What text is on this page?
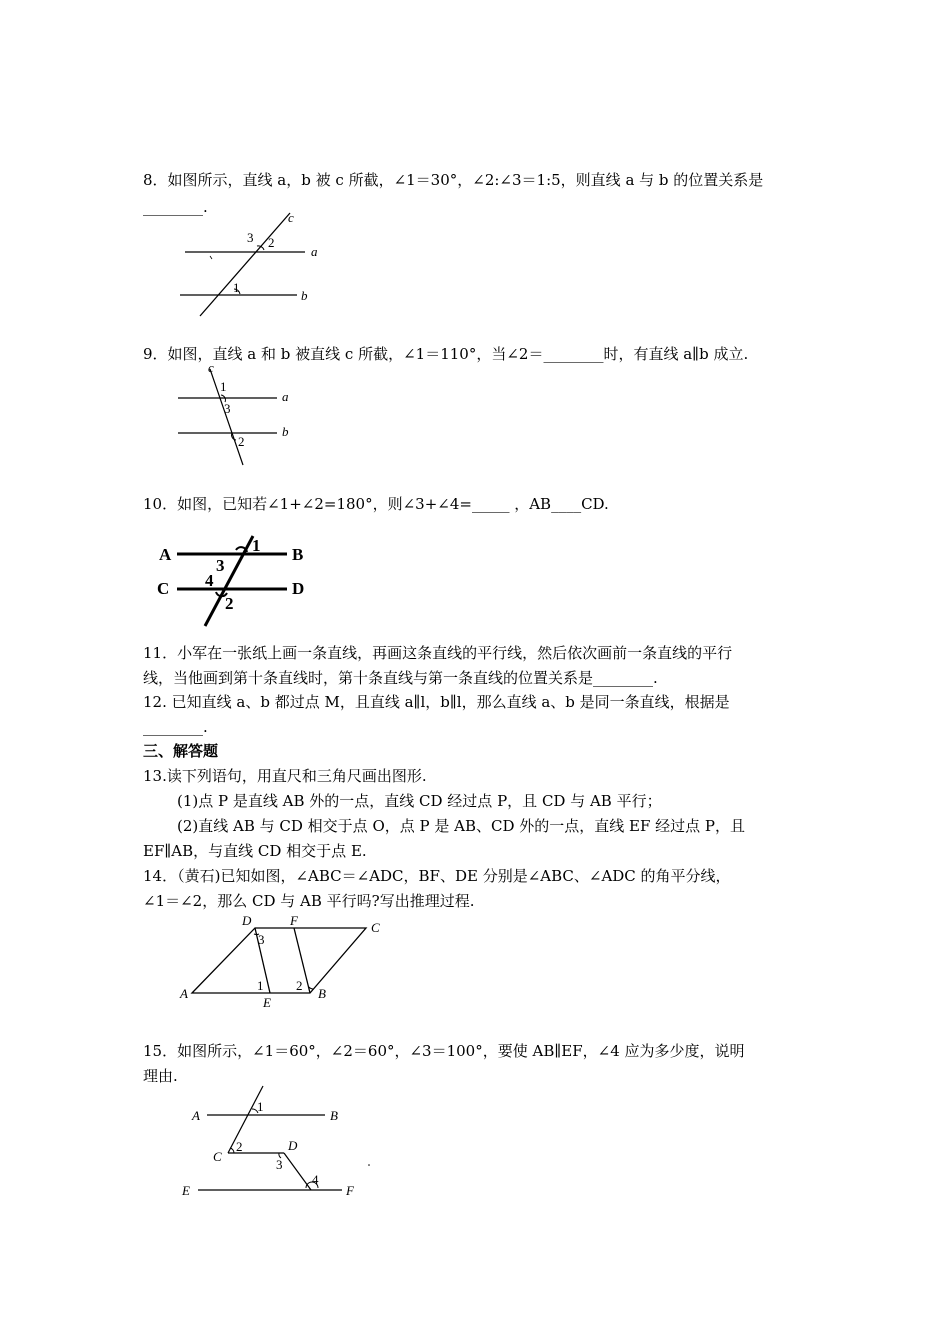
8．如图所示，直线 a，b 被 c 所截，∠1＝30°，∠2:∠3＝1:5，则直线 a 与 b 的位置关系是
________.
c
a
b
3 2
1
9．如图，直线 a 和 b 被直线 c 所截，∠1＝110°，当∠2＝________时，有直线 a∥b 成立.
c
a
b
1
3
2
10．如图，已知若∠1+∠2=180°，则∠3+∠4=_____ ，AB____CD.
A	B
C	D
1
3
4
2
11．小军在一张纸上画一条直线，再画这条直线的平行线，然后依次画前一条直线的平行
线，当他画到第十条直线时，第十条直线与第一条直线的位置关系是________.
12. 已知直线 a、b 都过点 M，且直线 a∥l，b∥l，那么直线 a、b 是同一条直线，根据是
________.
三、解答题
13.读下列语句，用直尺和三角尺画出图形.
(1)点 P 是直线 AB 外的一点，直线 CD 经过点 P，且 CD 与 AB 平行；
(2)直线 AB 与 CD 相交于点 O，点 P 是 AB、CD 外的一点，直线 EF 经过点 P，且
EF∥AB，与直线 CD 相交于点 E.
14．（黄石)已知如图，∠ABC＝∠ADC，BF、DE 分别是∠ABC、∠ADC 的角平分线，
∠1＝∠2，那么 CD 与 AB 平行吗?写出推理过程.
D	F	C
A
E
B
3
1	2
15．如图所示，∠1＝60°，∠2＝60°，∠3＝100°，要使 AB∥EF，∠4 应为多少度，说明
理由.
A	B
C
D
E	F
1
2
3
4
